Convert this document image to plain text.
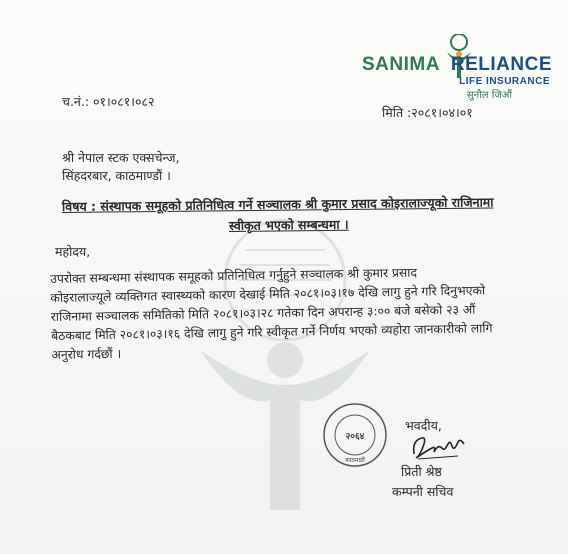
SANIMA RELIANCE
LIFE INSURANCE
सुनौल जिऔं
च.नं.: ०१।०८१।०८२
मिति :२०८१।०४।०१
श्री नेपाल स्टक एक्सचेन्ज,
सिंहदरबार, काठमाण्डौं ।
विषय : संस्थापक समूहको प्रतिनिधित्व गर्ने सञ्चालक श्री कुमार प्रसाद कोइरालाज्यूको राजिनामा
स्वीकृत भएको सम्बन्धमा ।
महोदय,
उपरोक्त सम्बन्धमा संस्थापक समूहको प्रतिनिधित्व गर्नुहुने सञ्चालक श्री कुमार प्रसाद
कोइरालाज्यूले व्यक्तिगत स्वास्थ्यको कारण देखाई मिति २०८१।०३।१७ देखि लागु हुने गरि दिनुभएको
राजिनामा सञ्चालक समितिको मिति २०८१।०३।२८ गतेका दिन अपरान्ह ३:०० बजे बसेको २३ औं
बैठकबाट मिति २०८१।०३।१६ देखि लागु हुने गरि स्वीकृत गर्ने निर्णय भएको व्यहोरा जानकारीको लागि
अनुरोध गर्दछौं ।
२०६४
काठमाडौं
भवदीय,
प्रिती श्रेष्ठ
कम्पनी सचिव
